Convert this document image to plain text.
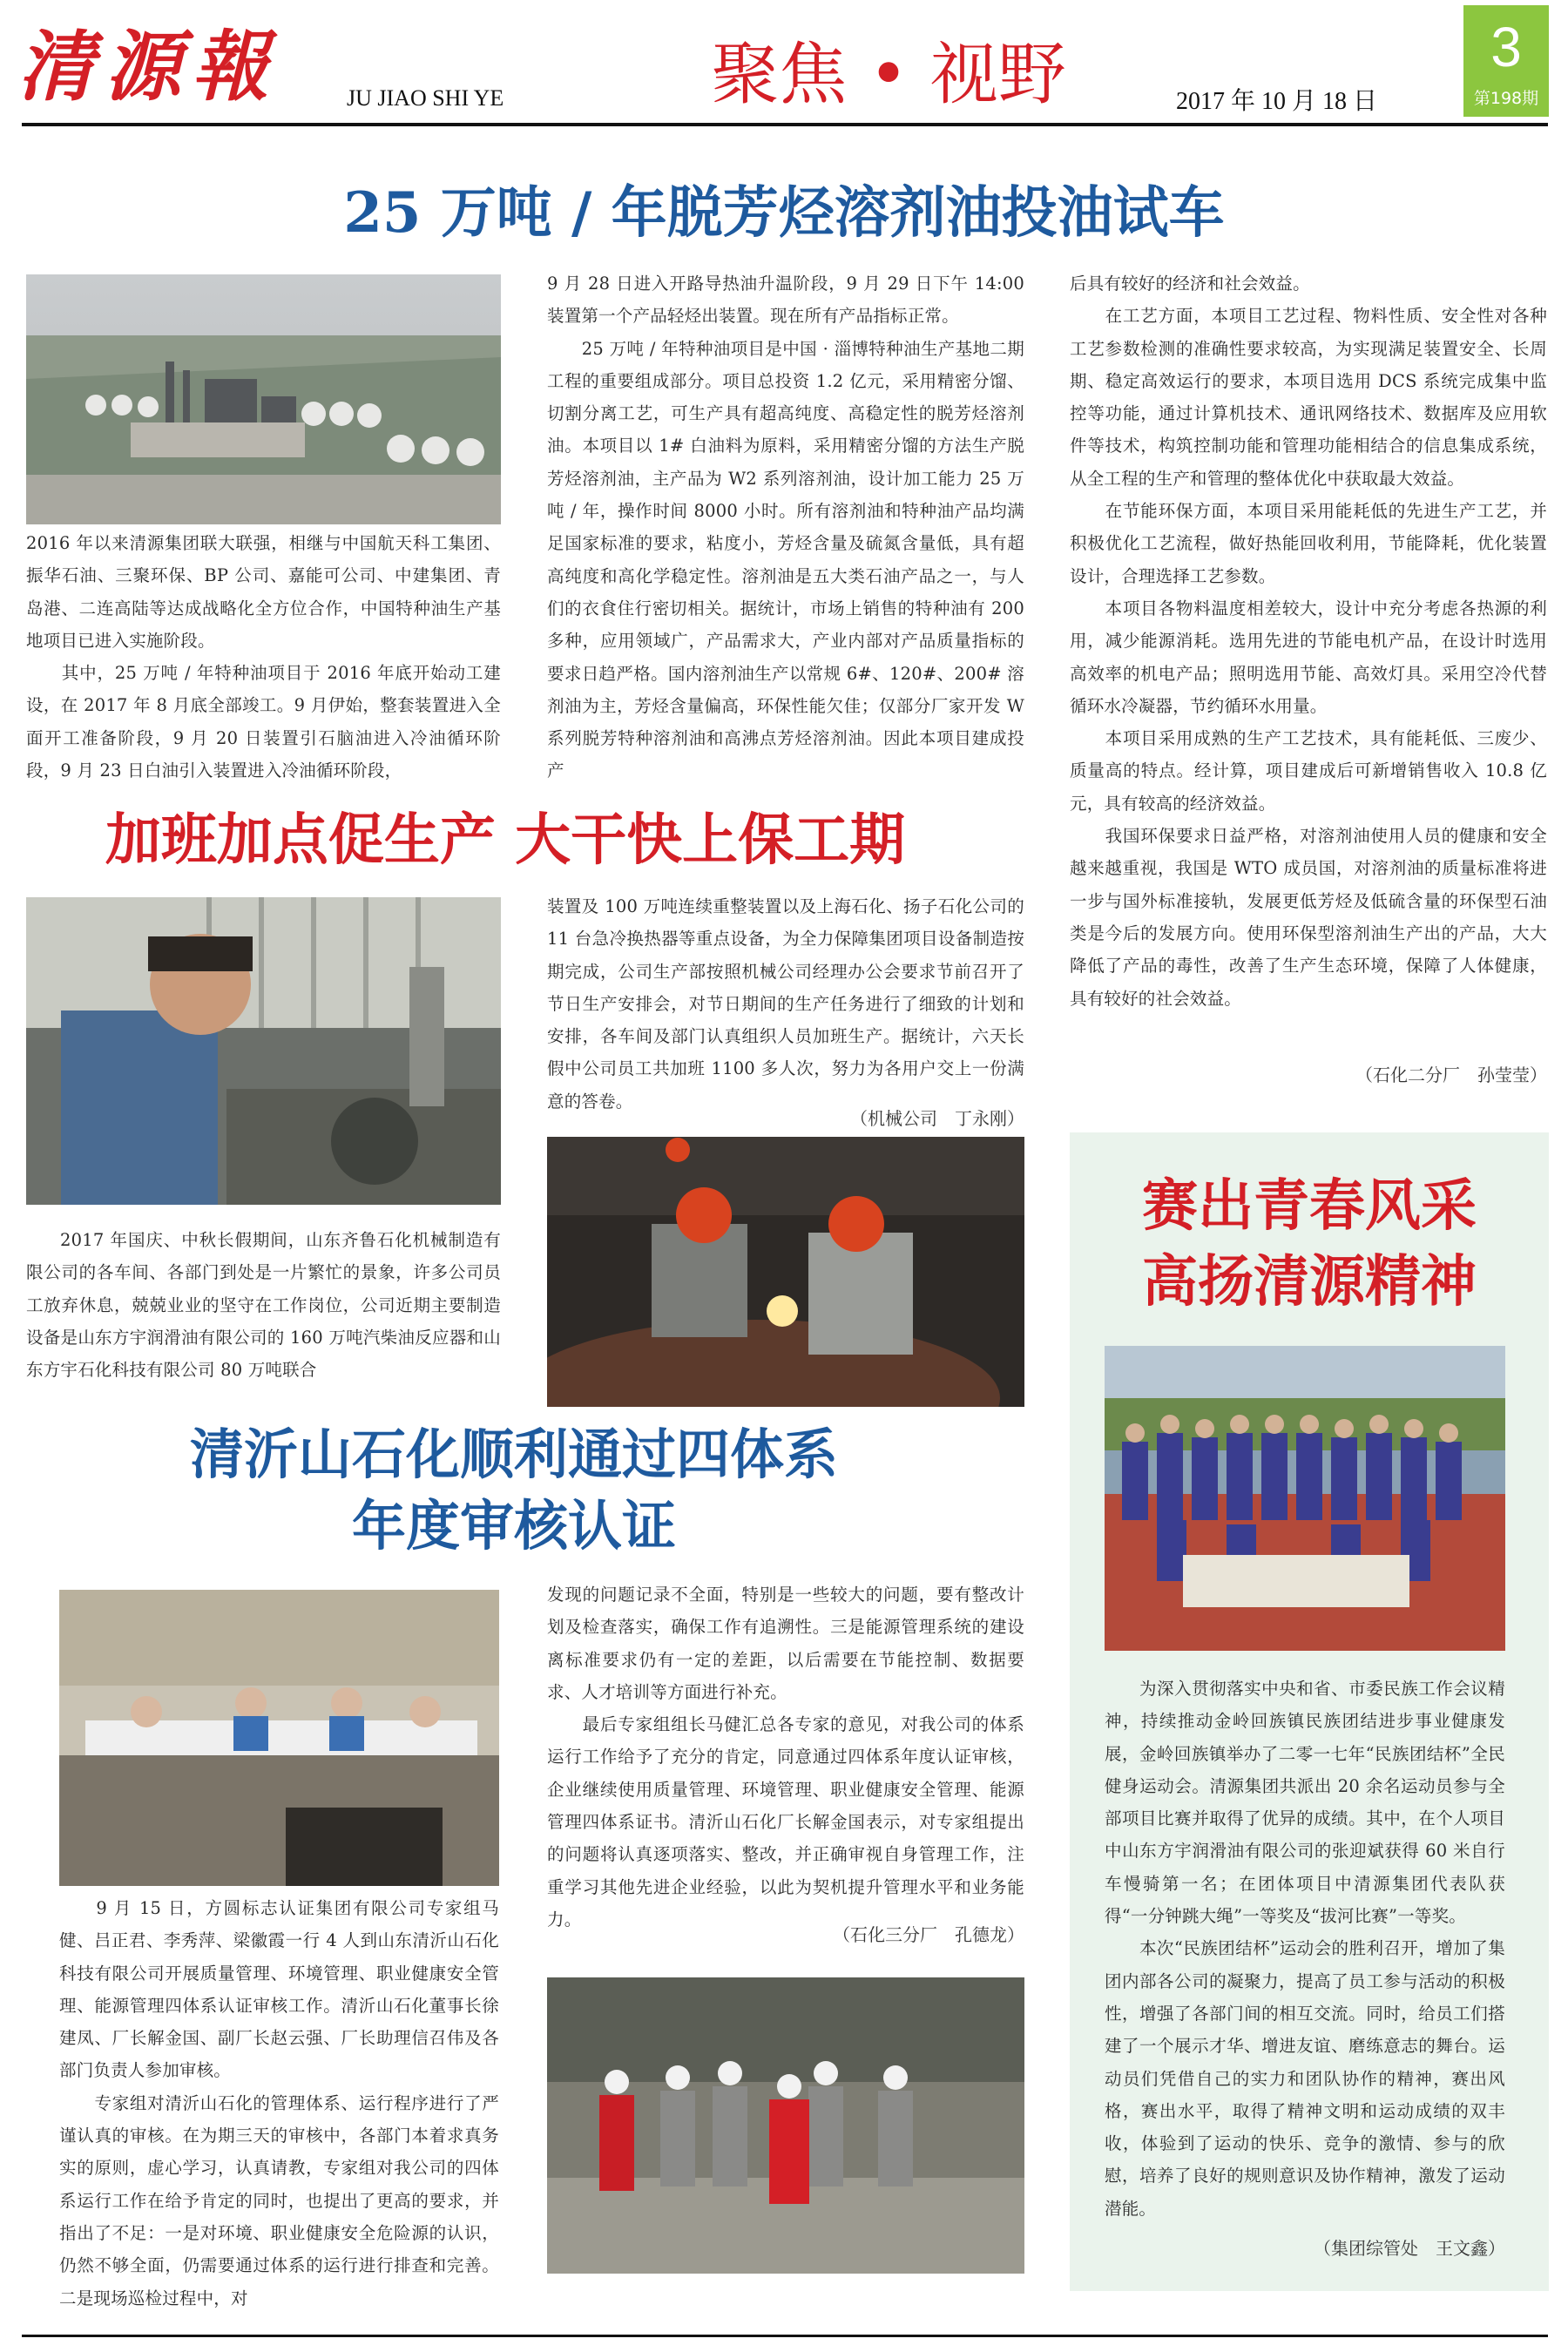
清源報	JU JIAO SHI YE	聚焦 • 视野	2017 年 10 月 18 日
3
第198期
25 万吨 / 年脱芳烃溶剂油投油试车
2016 年以来清源集团联大联强，相继与中国航天科工集团、振华石油、三聚环保、BP 公司、嘉能可公司、中建集团、青岛港、二连高陆等达成战略化全方位合作，中国特种油生产基地项目已进入实施阶段。
　　其中，25 万吨 / 年特种油项目于 2016 年底开始动工建设，在 2017 年 8 月底全部竣工。9 月伊始，整套装置进入全面开工准备阶段，9 月 20 日装置引石脑油进入冷油循环阶段，9 月 23 日白油引入装置进入冷油循环阶段，
9 月 28 日进入开路导热油升温阶段，9 月 29 日下午 14:00 装置第一个产品轻烃出装置。现在所有产品指标正常。
　　25 万吨 / 年特种油项目是中国 · 淄博特种油生产基地二期工程的重要组成部分。项目总投资 1.2 亿元，采用精密分馏、切割分离工艺，可生产具有超高纯度、高稳定性的脱芳烃溶剂油。本项目以 1# 白油料为原料，采用精密分馏的方法生产脱芳烃溶剂油，主产品为 W2 系列溶剂油，设计加工能力 25 万吨 / 年，操作时间 8000 小时。所有溶剂油和特种油产品均满足国家标准的要求，粘度小，芳烃含量及硫氮含量低，具有超高纯度和高化学稳定性。溶剂油是五大类石油产品之一，与人们的衣食住行密切相关。据统计，市场上销售的特种油有 200 多种，应用领域广，产品需求大，产业内部对产品质量指标的要求日趋严格。国内溶剂油生产以常规 6#、120#、200# 溶剂油为主，芳烃含量偏高，环保性能欠佳；仅部分厂家开发 W 系列脱芳特种溶剂油和高沸点芳烃溶剂油。因此本项目建成投产
后具有较好的经济和社会效益。
　　在工艺方面，本项目工艺过程、物料性质、安全性对各种工艺参数检测的准确性要求较高，为实现满足装置安全、长周期、稳定高效运行的要求，本项目选用 DCS 系统完成集中监控等功能，通过计算机技术、通讯网络技术、数据库及应用软件等技术，构筑控制功能和管理功能相结合的信息集成系统，从全工程的生产和管理的整体优化中获取最大效益。
　　在节能环保方面，本项目采用能耗低的先进生产工艺，并积极优化工艺流程，做好热能回收利用，节能降耗，优化装置设计，合理选择工艺参数。
　　本项目各物料温度相差较大，设计中充分考虑各热源的利用，减少能源消耗。选用先进的节能电机产品，在设计时选用高效率的机电产品；照明选用节能、高效灯具。采用空冷代替循环水冷凝器，节约循环水用量。
　　本项目采用成熟的生产工艺技术，具有能耗低、三废少、质量高的特点。经计算，项目建成后可新增销售收入 10.8 亿元，具有较高的经济效益。
　　我国环保要求日益严格，对溶剂油使用人员的健康和安全越来越重视，我国是 WTO 成员国，对溶剂油的质量标准将进一步与国外标准接轨，发展更低芳烃及低硫含量的环保型石油类是今后的发展方向。使用环保型溶剂油生产出的产品，大大降低了产品的毒性，改善了生产生态环境，保障了人体健康，具有较好的社会效益。
（石化二分厂　孙莹莹）
加班加点促生产 大干快上保工期
2017 年国庆、中秋长假期间，山东齐鲁石化机械制造有限公司的各车间、各部门到处是一片繁忙的景象，许多公司员工放弃休息，兢兢业业的坚守在工作岗位，公司近期主要制造设备是山东方宇润滑油有限公司的 160 万吨汽柴油反应器和山东方宇石化科技有限公司 80 万吨联合
装置及 100 万吨连续重整装置以及上海石化、扬子石化公司的 11 台急冷换热器等重点设备，为全力保障集团项目设备制造按期完成，公司生产部按照机械公司经理办公会要求节前召开了节日生产安排会，对节日期间的生产任务进行了细致的计划和安排，各车间及部门认真组织人员加班生产。据统计，六天长假中公司员工共加班 1100 多人次，努力为各用户交上一份满意的答卷。
（机械公司　丁永刚）
清沂山石化顺利通过四体系
年度审核认证
　　9 月 15 日，方圆标志认证集团有限公司专家组马健、吕正君、李秀萍、梁徽霞一行 4 人到山东清沂山石化科技有限公司开展质量管理、环境管理、职业健康安全管理、能源管理四体系认证审核工作。清沂山石化董事长徐建凤、厂长解金国、副厂长赵云强、厂长助理信召伟及各部门负责人参加审核。
　　专家组对清沂山石化的管理体系、运行程序进行了严谨认真的审核。在为期三天的审核中，各部门本着求真务实的原则，虚心学习，认真请教，专家组对我公司的四体系运行工作在给予肯定的同时，也提出了更高的要求，并指出了不足：一是对环境、职业健康安全危险源的认识，仍然不够全面，仍需要通过体系的运行进行排查和完善。二是现场巡检过程中，对
发现的问题记录不全面，特别是一些较大的问题，要有整改计划及检查落实，确保工作有追溯性。三是能源管理系统的建设离标准要求仍有一定的差距，以后需要在节能控制、数据要求、人才培训等方面进行补充。
　　最后专家组组长马健汇总各专家的意见，对我公司的体系运行工作给予了充分的肯定，同意通过四体系年度认证审核，企业继续使用质量管理、环境管理、职业健康安全管理、能源管理四体系证书。清沂山石化厂长解金国表示，对专家组提出的问题将认真逐项落实、整改，并正确审视自身管理工作，注重学习其他先进企业经验，以此为契机提升管理水平和业务能力。
（石化三分厂　孔德龙）
赛出青春风采
高扬清源精神
　　为深入贯彻落实中央和省、市委民族工作会议精神，持续推动金岭回族镇民族团结进步事业健康发展，金岭回族镇举办了二零一七年“民族团结杯”全民健身运动会。清源集团共派出 20 余名运动员参与全部项目比赛并取得了优异的成绩。其中，在个人项目中山东方宇润滑油有限公司的张迎斌获得 60 米自行车慢骑第一名；在团体项目中清源集团代表队获得“一分钟跳大绳”一等奖及“拔河比赛”一等奖。
　　本次“民族团结杯”运动会的胜利召开，增加了集团内部各公司的凝聚力，提高了员工参与活动的积极性，增强了各部门间的相互交流。同时，给员工们搭建了一个展示才华、增进友谊、磨练意志的舞台。运动员们凭借自己的实力和团队协作的精神，赛出风格，赛出水平，取得了精神文明和运动成绩的双丰收，体验到了运动的快乐、竞争的激情、参与的欣慰，培养了良好的规则意识及协作精神，激发了运动潜能。
（集团综管处　王文鑫）
